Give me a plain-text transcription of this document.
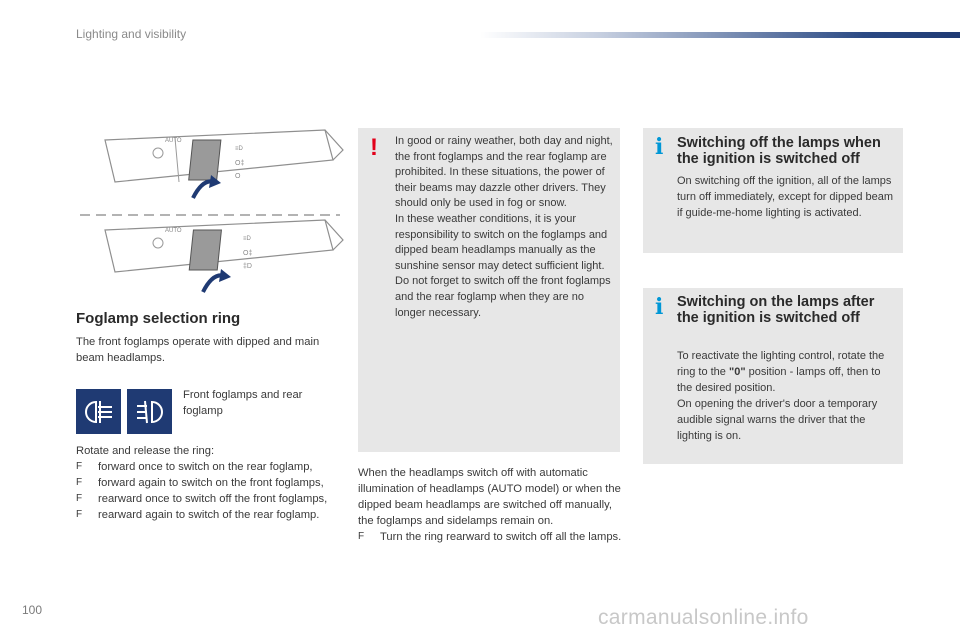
Lighting and visibility
AUTO
≡D
O‡
O
AUTO
≡D
O‡
‡D
Foglamp selection ring
The front foglamps operate with dipped and main beam headlamps.
Front foglamps and rear foglamp
Rotate and release the ring:
F forward once to switch on the rear foglamp,
F forward again to switch on the front foglamps,
F rearward once to switch off the front foglamps,
F rearward again to switch of the rear foglamp.
! In good or rainy weather, both day and night, the front foglamps and the rear foglamp are prohibited. In these situations, the power of their beams may dazzle other drivers. They should only be used in fog or snow.
In these weather conditions, it is your responsibility to switch on the foglamps and dipped beam headlamps manually as the sunshine sensor may detect sufficient light.
Do not forget to switch off the front foglamps and the rear foglamp when they are no longer necessary.
When the headlamps switch off with automatic illumination of headlamps (AUTO model) or when the dipped beam headlamps are switched off manually, the foglamps and sidelamps remain on.
F Turn the ring rearward to switch off all the lamps.
i Switching off the lamps when the ignition is switched off
On switching off the ignition, all of the lamps turn off immediately, except for dipped beam if guide-me-home lighting is activated.
i Switching on the lamps after the ignition is switched off
To reactivate the lighting control, rotate the ring to the "0" position - lamps off, then to the desired position.
On opening the driver's door a temporary audible signal warns the driver that the lighting is on.
100	carmanualsonline.info
